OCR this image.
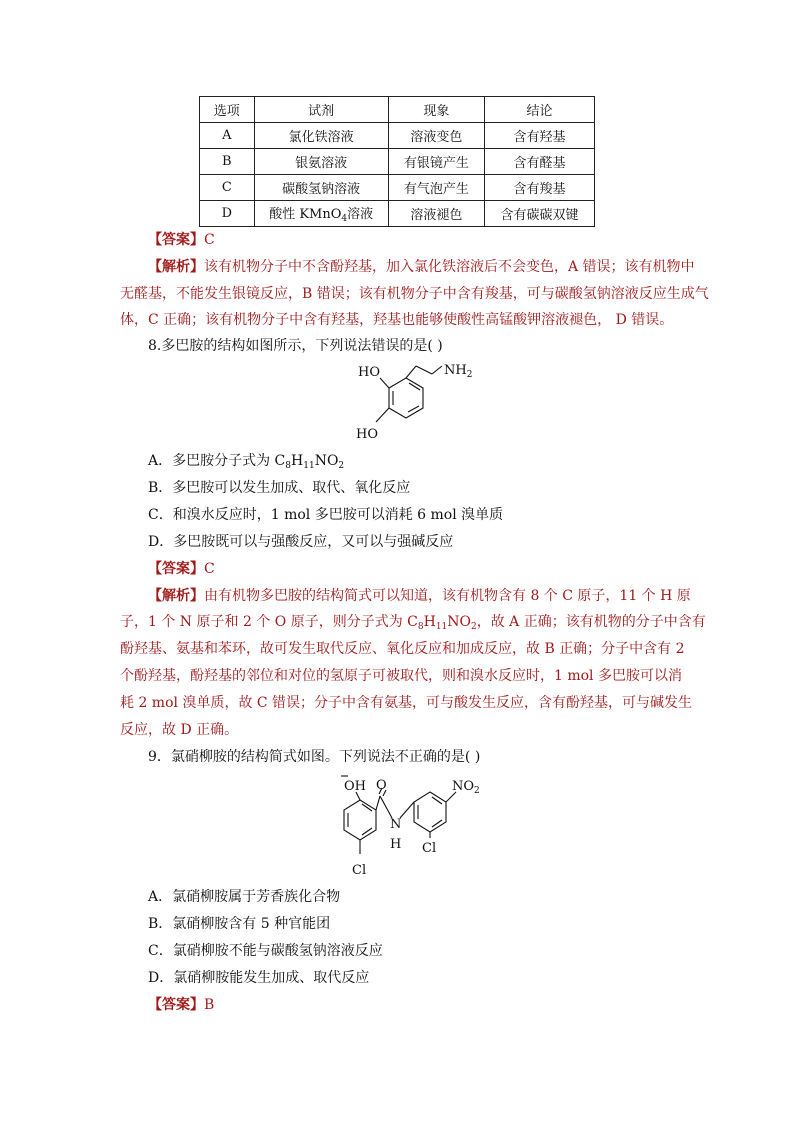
选项	试剂	现象	结论
A	氯化铁溶液	溶液变色	含有羟基
B	银氨溶液	有银镜产生	含有醛基
C	碳酸氢钠溶液	有气泡产生	含有羧基
D	酸性 KMnO$_4$溶液	溶液褪色	含有碳碳双键
【答案】C
【解析】该有机物分子中不含酚羟基，加入氯化铁溶液后不会变色，A 错误；该有机物中
无醛基，不能发生银镜反应，B 错误；该有机物分子中含有羧基，可与碳酸氢钠溶液反应生成气
体，C 正确；该有机物分子中含有羟基，羟基也能够使酸性高锰酸钾溶液褪色， D 错误。
8.多巴胺的结构如图所示，下列说法错误的是( )
HO	$NH_2$
HO
A．多巴胺分子式为 $C_8H_{11}NO_2$
B．多巴胺可以发生加成、取代、氧化反应
C．和溴水反应时，1 mol 多巴胺可以消耗 6 mol 溴单质
D．多巴胺既可以与强酸反应，又可以与强碱反应
【答案】C
【解析】由有机物多巴胺的结构简式可以知道，该有机物含有 8 个 C 原子，11 个 H 原
子，1 个 N 原子和 2 个 O 原子，则分子式为 $C_8H_{11}NO_2$，故 A 正确；该有机物的分子中含有
酚羟基、氨基和苯环，故可发生取代反应、氧化反应和加成反应，故 B 正确；分子中含有 2
个酚羟基，酚羟基的邻位和对位的氢原子可被取代，则和溴水反应时，1 mol 多巴胺可以消
耗 2 mol 溴单质，故 C 错误；分子中含有氨基，可与酸发生反应，含有酚羟基，可与碱发生
反应，故 D 正确。
9．氯硝柳胺的结构简式如图。下列说法不正确的是( )
OH O
N
H
$NO_2$
Cl
Cl
A．氯硝柳胺属于芳香族化合物
B．氯硝柳胺含有 5 种官能团
C．氯硝柳胺不能与碳酸氢钠溶液反应
D．氯硝柳胺能发生加成、取代反应
【答案】B
